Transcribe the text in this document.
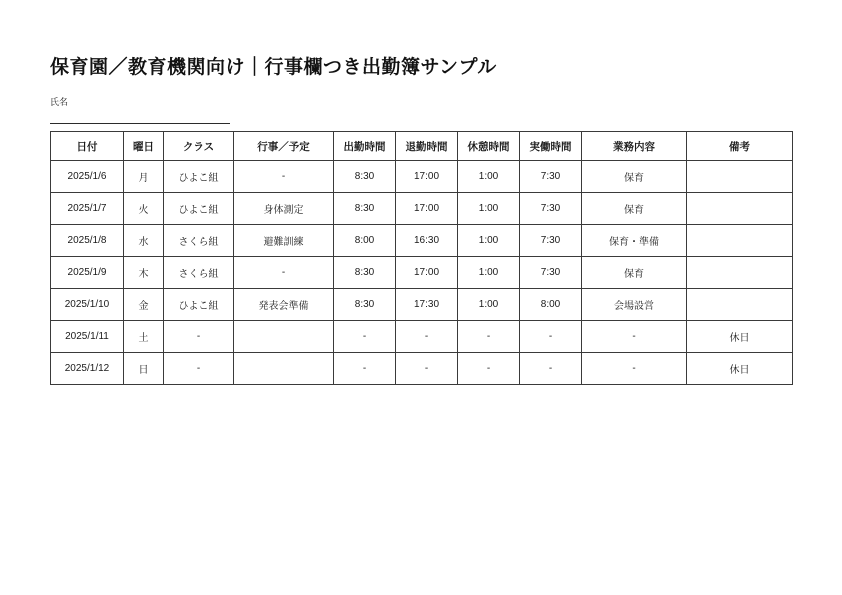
保育園／教育機関向け｜行事欄つき出勤簿サンプル
氏名
日付	曜日	クラス	行事／予定	出勤時間	退勤時間	休憩時間	実働時間	業務内容	備考
2025/1/6	月	ひよこ組	-	8:30	17:00	1:00	7:30	保育	
2025/1/7	火	ひよこ組	身体測定	8:30	17:00	1:00	7:30	保育	
2025/1/8	水	さくら組	避難訓練	8:00	16:30	1:00	7:30	保育・準備	
2025/1/9	木	さくら組	-	8:30	17:00	1:00	7:30	保育	
2025/1/10	金	ひよこ組	発表会準備	8:30	17:30	1:00	8:00	会場設営	
2025/1/11	土	-		-	-	-	-	-	休日
2025/1/12	日	-		-	-	-	-	-	休日
